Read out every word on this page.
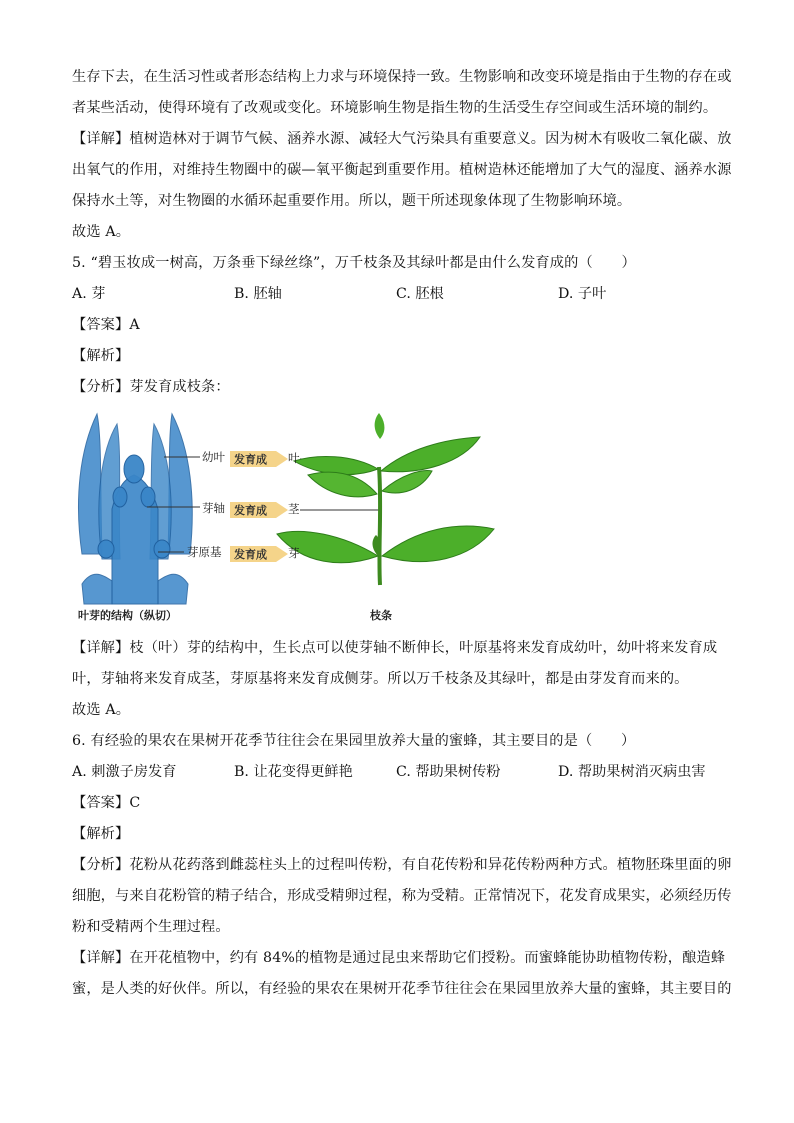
生存下去，在生活习性或者形态结构上力求与环境保持一致。生物影响和改变环境是指由于生物的存在或
者某些活动，使得环境有了改观或变化。环境影响生物是指生物的生活受生存空间或生活环境的制约。
【详解】植树造林对于调节气候、涵养水源、减轻大气污染具有重要意义。因为树木有吸收二氧化碳、放
出氧气的作用，对维持生物圈中的碳—氧平衡起到重要作用。植树造林还能增加了大气的湿度、涵养水源
保持水土等，对生物圈的水循环起重要作用。所以，题干所述现象体现了生物影响环境。
故选 A。
5. “碧玉妆成一树高，万条垂下绿丝绦”，万千枝条及其绿叶都是由什么发育成的（　　）
A. 芽	B. 胚轴	C. 胚根	D. 子叶
【答案】A
【解析】
【分析】芽发育成枝条：
幼叶
芽轴
芽原基
发育成
发育成
发育成
叶
茎
芽
叶芽的结构（纵切）	枝条
【详解】枝（叶）芽的结构中，生长点可以使芽轴不断伸长，叶原基将来发育成幼叶，幼叶将来发育成
叶，芽轴将来发育成茎，芽原基将来发育成侧芽。所以万千枝条及其绿叶，都是由芽发育而来的。
故选 A。
6. 有经验的果农在果树开花季节往往会在果园里放养大量的蜜蜂，其主要目的是（　　）
A. 刺激子房发育	B. 让花变得更鲜艳	C. 帮助果树传粉	D. 帮助果树消灭病虫害
【答案】C
【解析】
【分析】花粉从花药落到雌蕊柱头上的过程叫传粉，有自花传粉和异花传粉两种方式。植物胚珠里面的卵
细胞，与来自花粉管的精子结合，形成受精卵过程，称为受精。正常情况下，花发育成果实，必须经历传
粉和受精两个生理过程。
【详解】在开花植物中，约有 84%的植物是通过昆虫来帮助它们授粉。而蜜蜂能协助植物传粉，酿造蜂
蜜，是人类的好伙伴。所以，有经验的果农在果树开花季节往往会在果园里放养大量的蜜蜂，其主要目的
